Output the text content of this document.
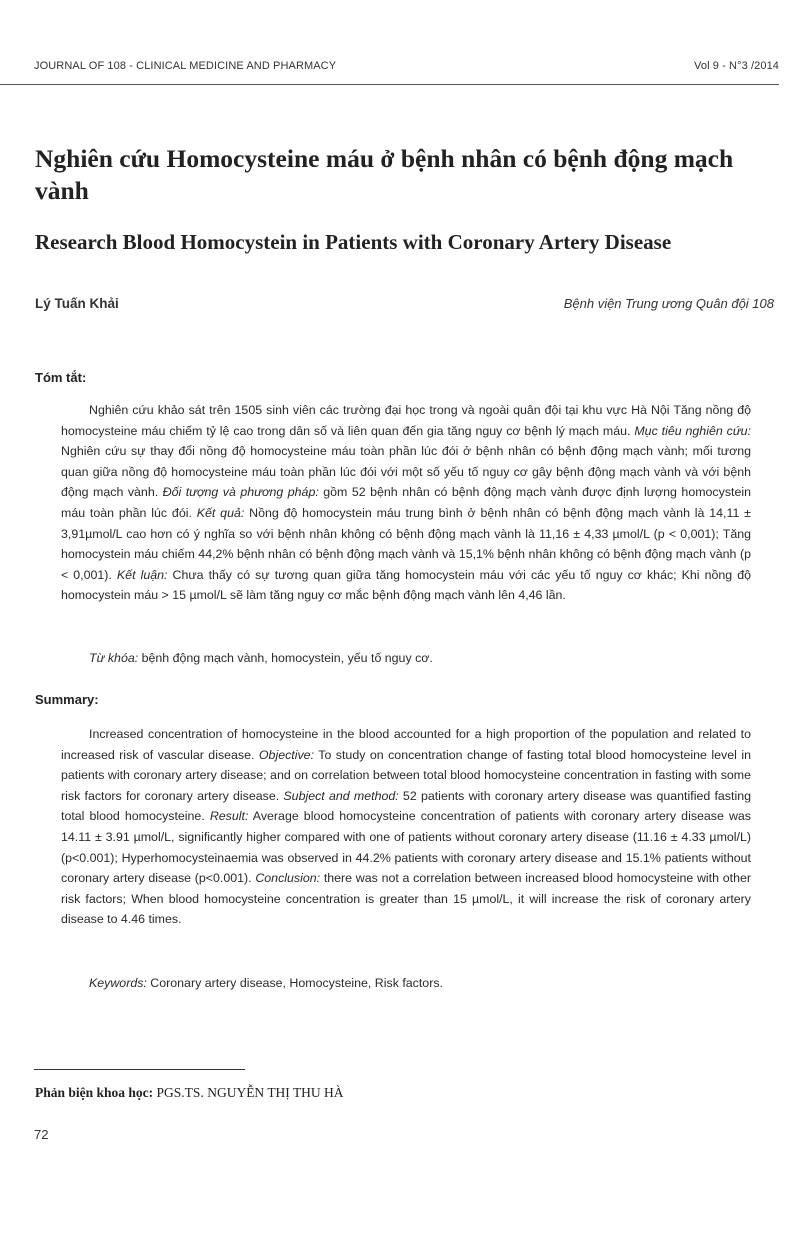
JOURNAL OF 108 - CLINICAL MEDICINE AND PHARMACY	Vol 9 - N°3 /2014
Nghiên cứu Homocysteine máu ở bệnh nhân có bệnh động mạch vành
Research Blood Homocystein in Patients with Coronary Artery Disease
Lý Tuấn Khải	Bệnh viện Trung ương Quân đội 108
Tóm tắt:

Nghiên cứu khảo sát trên 1505 sinh viên các trường đại học trong và ngoài quân đội tại khu vực Hà Nội Tăng nồng độ homocysteine máu chiếm tỷ lệ cao trong dân số và liên quan đến gia tăng nguy cơ bệnh lý mạch máu. Mục tiêu nghiên cứu: Nghiên cứu sự thay đổi nồng độ homocysteine máu toàn phần lúc đói ở bệnh nhân có bệnh động mạch vành; mối tương quan giữa nồng độ homocysteine máu toàn phần lúc đói với một số yếu tố nguy cơ gây bệnh động mạch vành và với bệnh động mạch vành. Đối tượng và phương pháp: gồm 52 bệnh nhân có bệnh động mạch vành được định lượng homocystein máu toàn phần lúc đói. Kết quả: Nồng độ homocystein máu trung bình ở bệnh nhân có bệnh động mạch vành là 14,11 ± 3,91µmol/L cao hơn có ý nghĩa so với bệnh nhân không có bệnh động mạch vành là 11,16 ± 4,33 µmol/L (p < 0,001); Tăng homocystein máu chiếm 44,2% bệnh nhân có bệnh động mạch vành và 15,1% bệnh nhân không có bệnh động mạch vành (p < 0,001). Kết luận: Chưa thấy có sự tương quan giữa tăng homocystein máu với các yếu tố nguy cơ khác; Khi nồng độ homocystein máu > 15 µmol/L sẽ làm tăng nguy cơ mắc bệnh động mạch vành lên 4,46 lần.

Từ khóa: bệnh động mạch vành, homocystein, yếu tố nguy cơ.
Summary:

Increased concentration of homocysteine in the blood accounted for a high proportion of the population and related to increased risk of vascular disease. Objective: To study on concentration change of fasting total blood homocysteine level in patients with coronary artery disease; and on correlation between total blood homocysteine concentration in fasting with some risk factors for coronary artery disease. Subject and method: 52 patients with coronary artery disease was quantified fasting total blood homocysteine. Result: Average blood homocysteine concentration of patients with coronary artery disease was 14.11 ± 3.91 µmol/L, significantly higher compared with one of patients without coronary artery disease (11.16 ± 4.33 µmol/L) (p<0.001); Hyperhomocysteinaemia was observed in 44.2% patients with coronary artery disease and 15.1% patients without coronary artery disease (p<0.001). Conclusion: there was not a correlation between increased blood homocysteine with other risk factors; When blood homocysteine concentration is greater than 15 µmol/L, it will increase the risk of coronary artery disease to 4.46 times.

Keywords: Coronary artery disease, Homocysteine, Risk factors.
Phản biện khoa học: PGS.TS. NGUYỄN THỊ THU HÀ
72
